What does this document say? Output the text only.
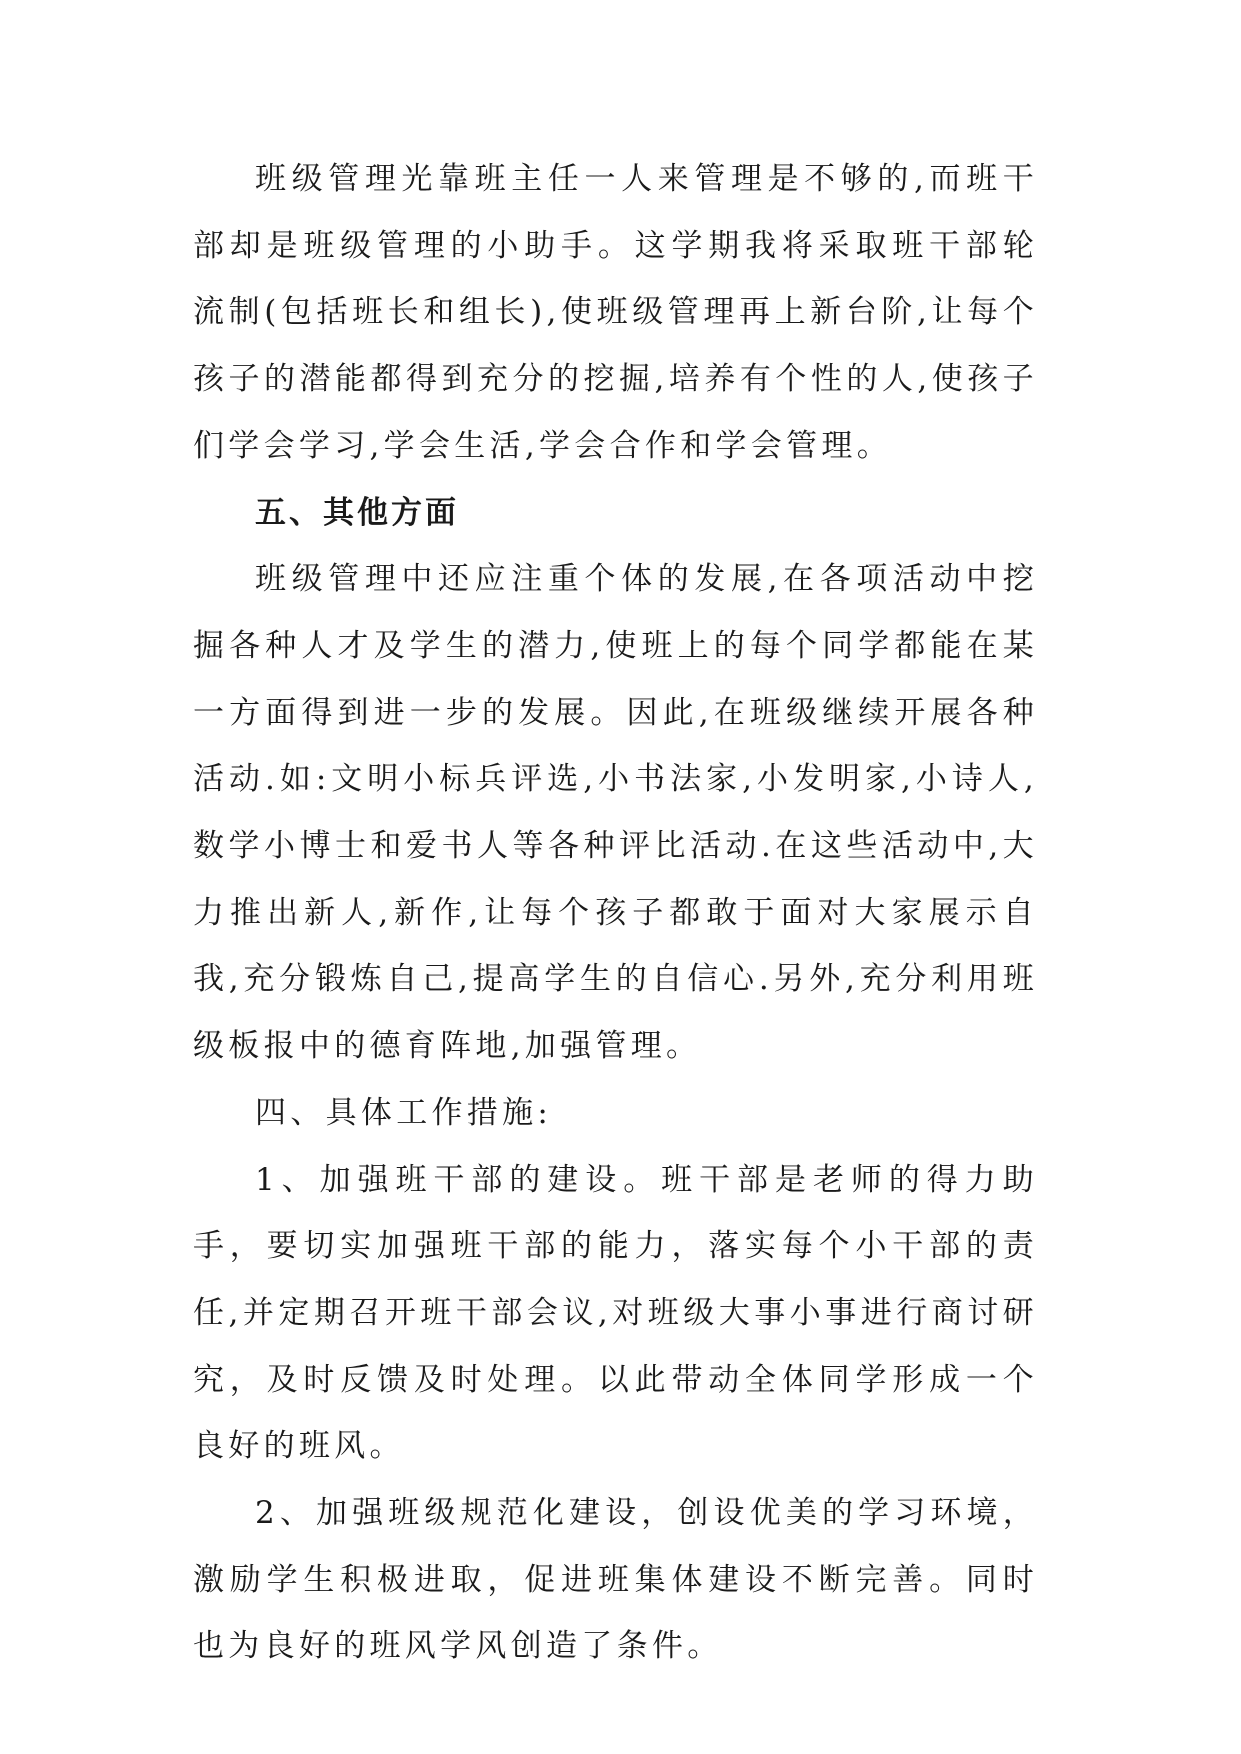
班级管理光靠班主任一人来管理是不够的,而班干部却是班级管理的小助手。这学期我将采取班干部轮流制(包括班长和组长),使班级管理再上新台阶,让每个孩子的潜能都得到充分的挖掘,培养有个性的人,使孩子们学会学习,学会生活,学会合作和学会管理。

五、其他方面

班级管理中还应注重个体的发展,在各项活动中挖掘各种人才及学生的潜力,使班上的每个同学都能在某一方面得到进一步的发展。因此,在班级继续开展各种活动.如:文明小标兵评选,小书法家,小发明家,小诗人,数学小博士和爱书人等各种评比活动.在这些活动中,大力推出新人,新作,让每个孩子都敢于面对大家展示自我,充分锻炼自己,提高学生的自信心.另外,充分利用班级板报中的德育阵地,加强管理。

四、具体工作措施:

1、加强班干部的建设。班干部是老师的得力助手，要切实加强班干部的能力，落实每个小干部的责任,并定期召开班干部会议,对班级大事小事进行商讨研究，及时反馈及时处理。以此带动全体同学形成一个良好的班风。

2、加强班级规范化建设，创设优美的学习环境，激励学生积极进取，促进班集体建设不断完善。同时也为良好的班风学风创造了条件。
